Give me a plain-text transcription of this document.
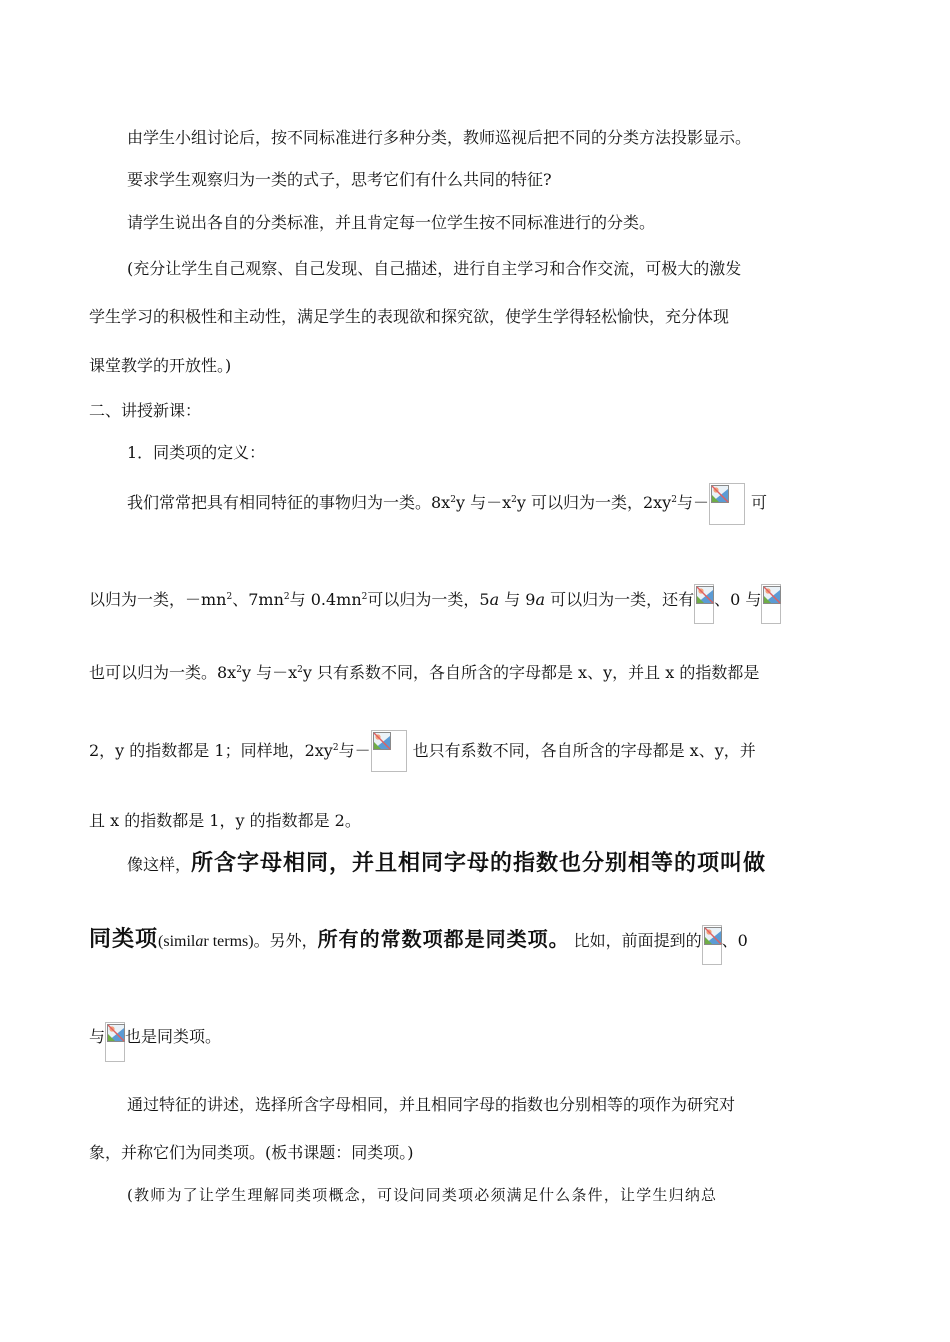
由学生小组讨论后，按不同标准进行多种分类，教师巡视后把不同的分类方法投影显示。
要求学生观察归为一类的式子，思考它们有什么共同的特征?
请学生说出各自的分类标准，并且肯定每一位学生按不同标准进行的分类。
(充分让学生自己观察、自己发现、自己描述，进行自主学习和合作交流，可极大的激发
学生学习的积极性和主动性，满足学生的表现欲和探究欲，使学生学得轻松愉快，充分体现
课堂教学的开放性。)
二、讲授新课：
1．同类项的定义：
我们常常把具有相同特征的事物归为一类。$8x^2y$ 与$-x^2y$ 可以归为一类，$2xy^2$与－	可
以归为一类，$-mn^2$、$7mn^2$与 $0.4mn^2$可以归为一类，5a 与 9a 可以归为一类，还有 、0 与
也可以归为一类。$8x^2y$ 与$-x^2y$ 只有系数不同，各自所含的字母都是 x、y，并且 x 的指数都是
2，y 的指数都是 1；同样地，$2xy^2$与－	也只有系数不同，各自所含的字母都是 x、y，并
且 x 的指数都是 1，y 的指数都是 2。
像这样，所含字母相同，并且相同字母的指数也分别相等的项叫做
同类项(similar terms)。另外，所有的常数项都是同类项。 比如，前面提到的 、0
与 也是同类项。
通过特征的讲述，选择所含字母相同，并且相同字母的指数也分别相等的项作为研究对
象，并称它们为同类项。(板书课题：同类项。)
(教师为了让学生理解同类项概念，可设问同类项必须满足什么条件，让学生归纳总
